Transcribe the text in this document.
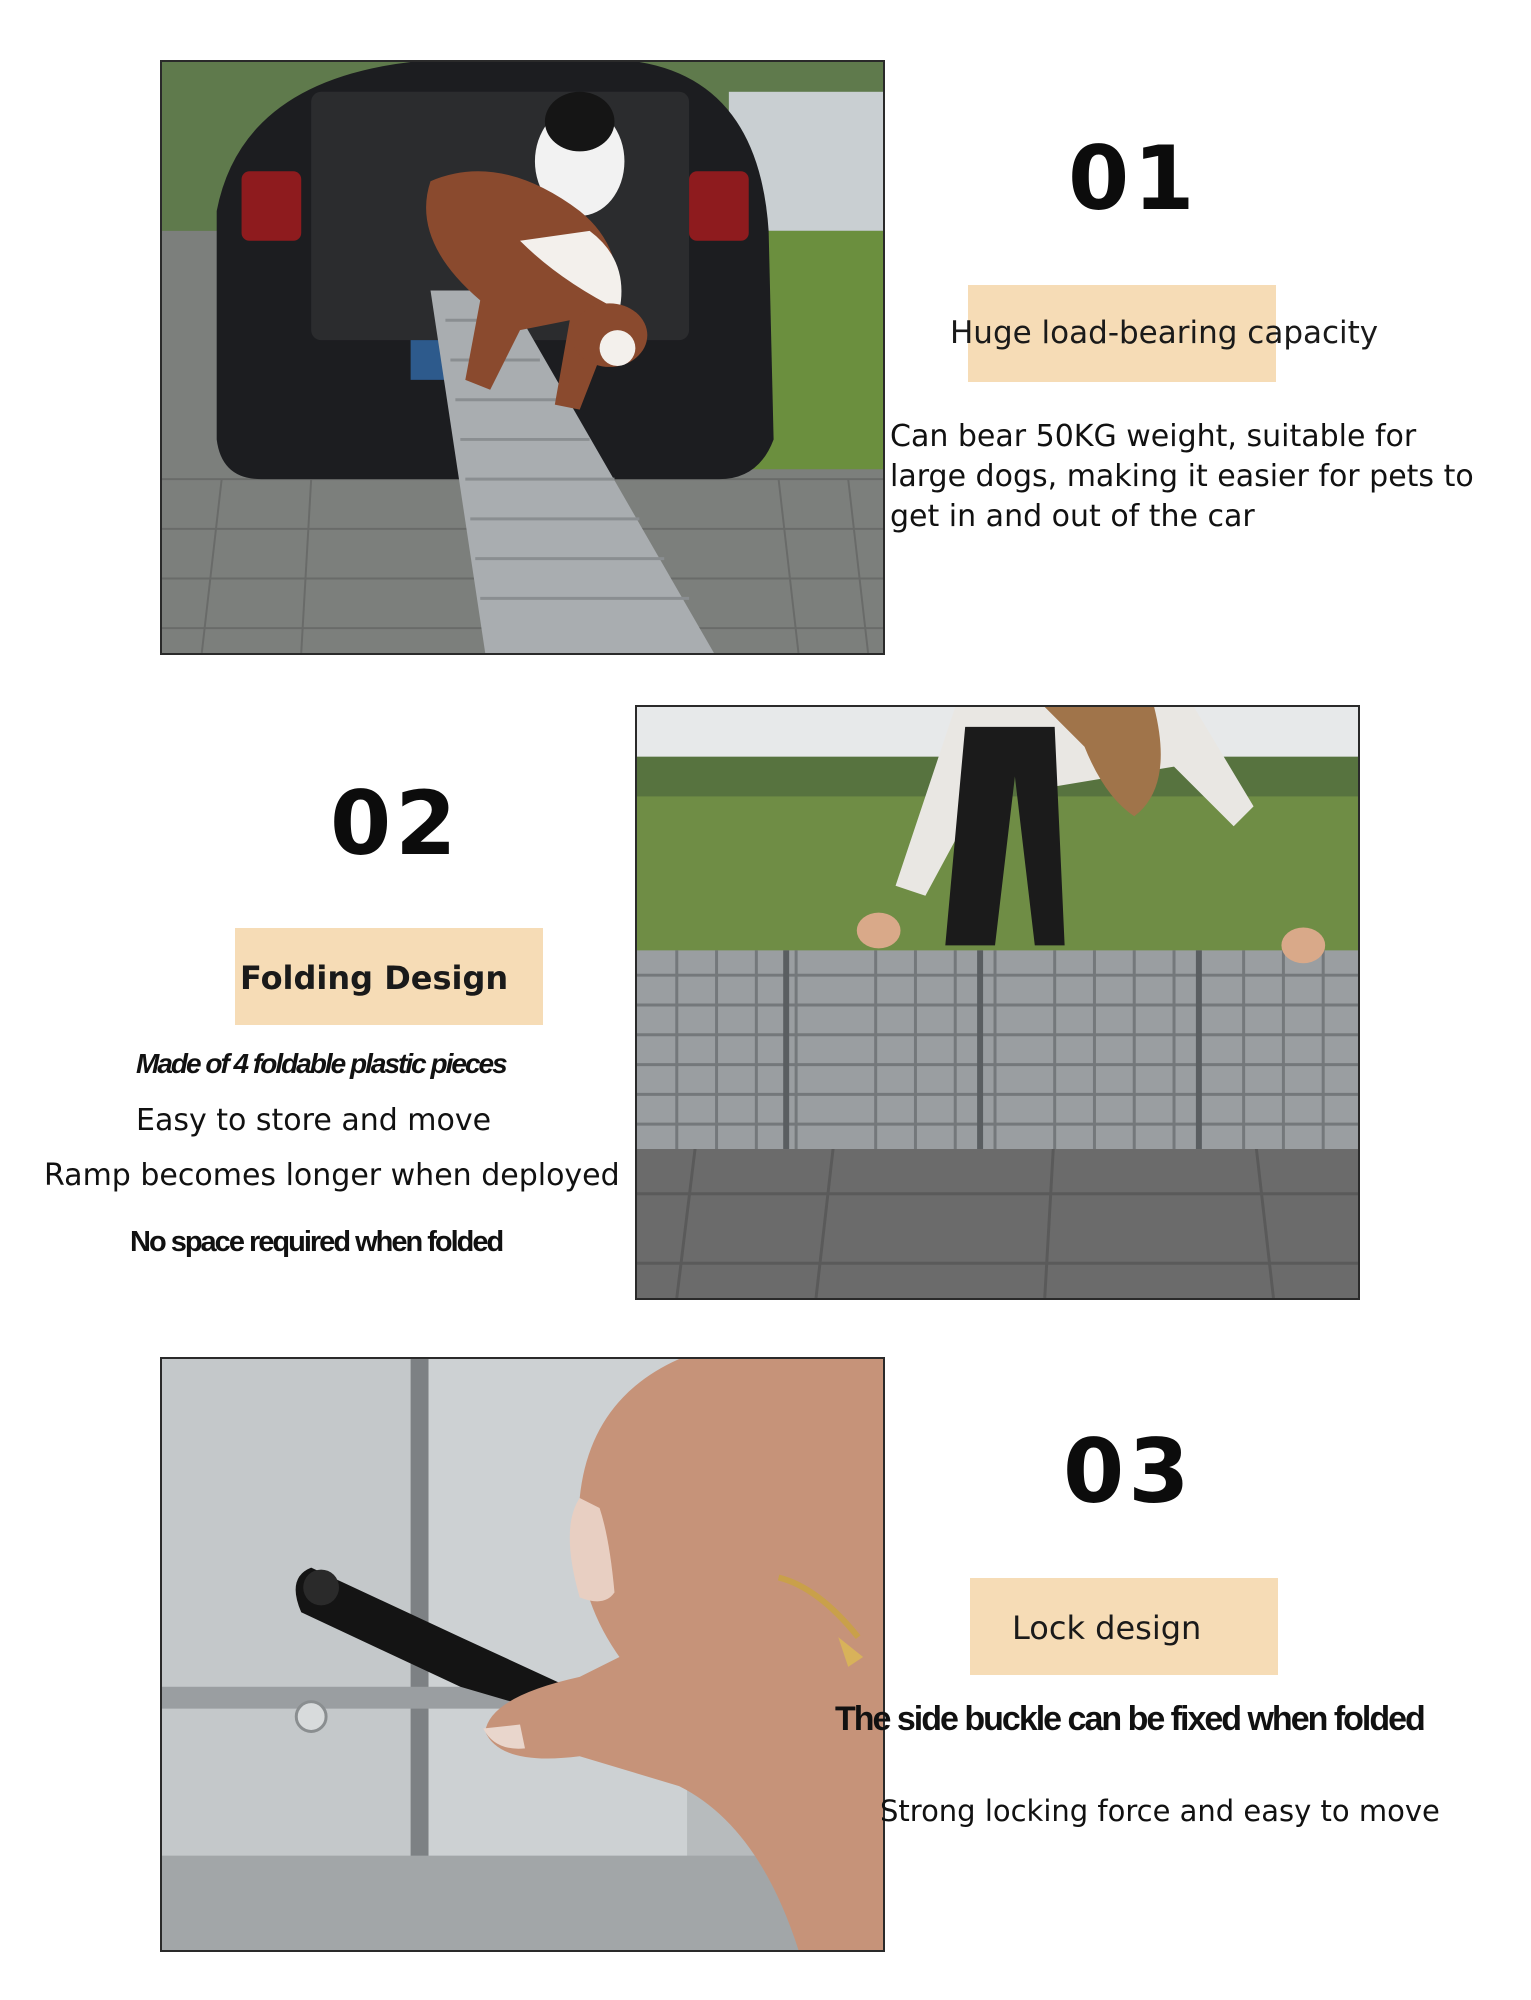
01
Huge load-bearing capacity
Can bear 50KG weight, suitable for
large dogs, making it easier for pets to
get in and out of the car
02
Folding Design
Made of 4 foldable plastic pieces
Easy to store and move
Ramp becomes longer when deployed
No space required when folded
03
Lock design
The side buckle can be fixed when folded
Strong locking force and easy to move
